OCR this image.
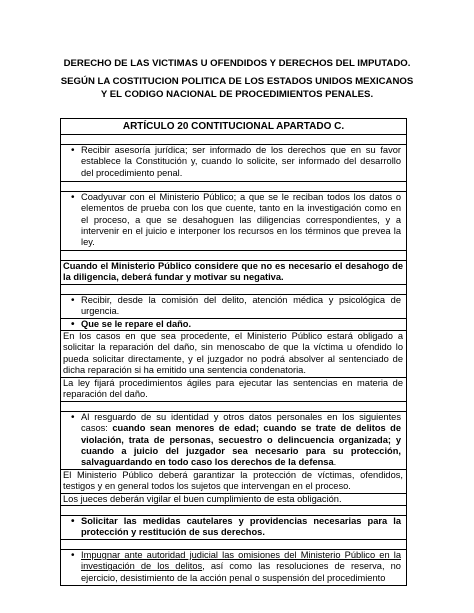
DERECHO DE LAS VICTIMAS U OFENDIDOS Y DERECHOS DEL IMPUTADO.
SEGÚN LA COSTITUCION POLITICA DE LOS ESTADOS UNIDOS MEXICANOS
Y EL CODIGO NACIONAL DE PROCEDIMIENTOS PENALES.
ARTÍCULO 20 CONTITUCIONAL APARTADO C.
• Recibir asesoría jurídica; ser informado de los derechos que en su favor establece la Constitución y, cuando lo solicite, ser informado del desarrollo del procedimiento penal.
• Coadyuvar con el Ministerio Público; a que se le reciban todos los datos o elementos de prueba con los que cuente, tanto en la investigación como en el proceso, a que se desahoguen las diligencias correspondientes, y a intervenir en el juicio e interponer los recursos en los términos que prevea la ley.
Cuando el Ministerio Público considere que no es necesario el desahogo de la diligencia, deberá fundar y motivar su negativa.
• Recibir, desde la comisión del delito, atención médica y psicológica de urgencia.
• Que se le repare el daño.
En los casos en que sea procedente, el Ministerio Público estará obligado a solicitar la reparación del daño, sin menoscabo de que la víctima u ofendido lo pueda solicitar directamente, y el juzgador no podrá absolver al sentenciado de dicha reparación si ha emitido una sentencia condenatoria.
La ley fijará procedimientos ágiles para ejecutar las sentencias en materia de reparación del daño.
• Al resguardo de su identidad y otros datos personales en los siguientes casos: cuando sean menores de edad; cuando se trate de delitos de violación, trata de personas, secuestro o delincuencia organizada; y cuando a juicio del juzgador sea necesario para su protección, salvaguardando en todo caso los derechos de la defensa.
El Ministerio Público deberá garantizar la protección de víctimas, ofendidos, testigos y en general todos los sujetos que intervengan en el proceso.
Los jueces deberán vigilar el buen cumplimiento de esta obligación.
• Solicitar las medidas cautelares y providencias necesarias para la protección y restitución de sus derechos.
• Impugnar ante autoridad judicial las omisiones del Ministerio Público en la investigación de los delitos, así como las resoluciones de reserva, no ejercicio, desistimiento de la acción penal o suspensión del procedimiento
